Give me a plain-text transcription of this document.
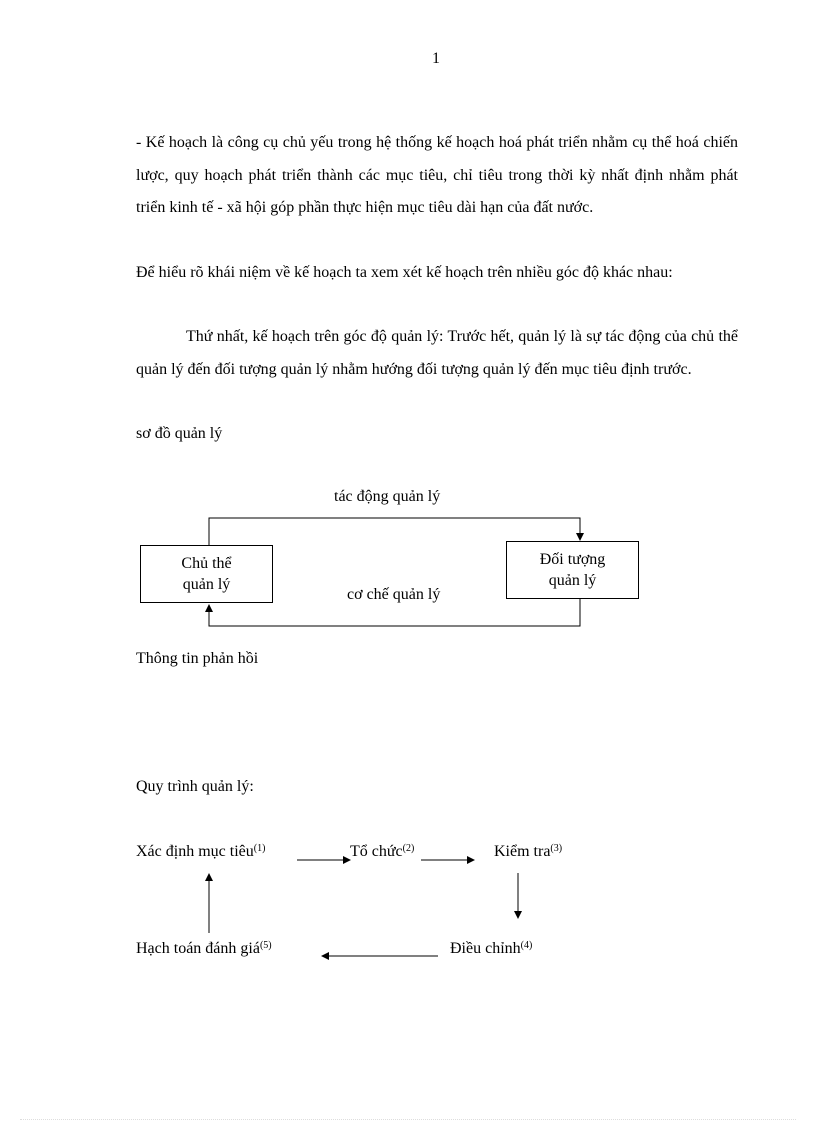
1

- Kế hoạch là công cụ chủ yếu trong hệ thống kế hoạch hoá phát triển nhằm cụ thể hoá chiến lược, quy hoạch phát triển thành các mục tiêu, chỉ tiêu trong thời kỳ nhất định nhằm phát triển kinh tế - xã hội góp phần thực hiện mục tiêu dài hạn của đất nước.

Để hiểu rõ khái niệm về kế hoạch ta xem xét kế hoạch trên nhiều góc độ khác nhau:

Thứ nhất, kế hoạch trên góc độ quản lý: Trước hết, quản lý là sự tác động của chủ thể quản lý đến đối tượng quản lý nhằm hướng đối tượng quản lý đến mục tiêu định trước.

sơ đồ quản lý

tác động quản lý
Chủ thể
quản lý
Đối tượng
quản lý
cơ chế quản lý
Thông tin phản hồi
Quy trình quản lý:
Xác định mục tiêu$^{(1)}$	Tổ chức$^{(2)}$	Kiểm tra$^{(3)}$
Điều chỉnh$^{(4)}$
Hạch toán đánh giá$^{(5)}$
